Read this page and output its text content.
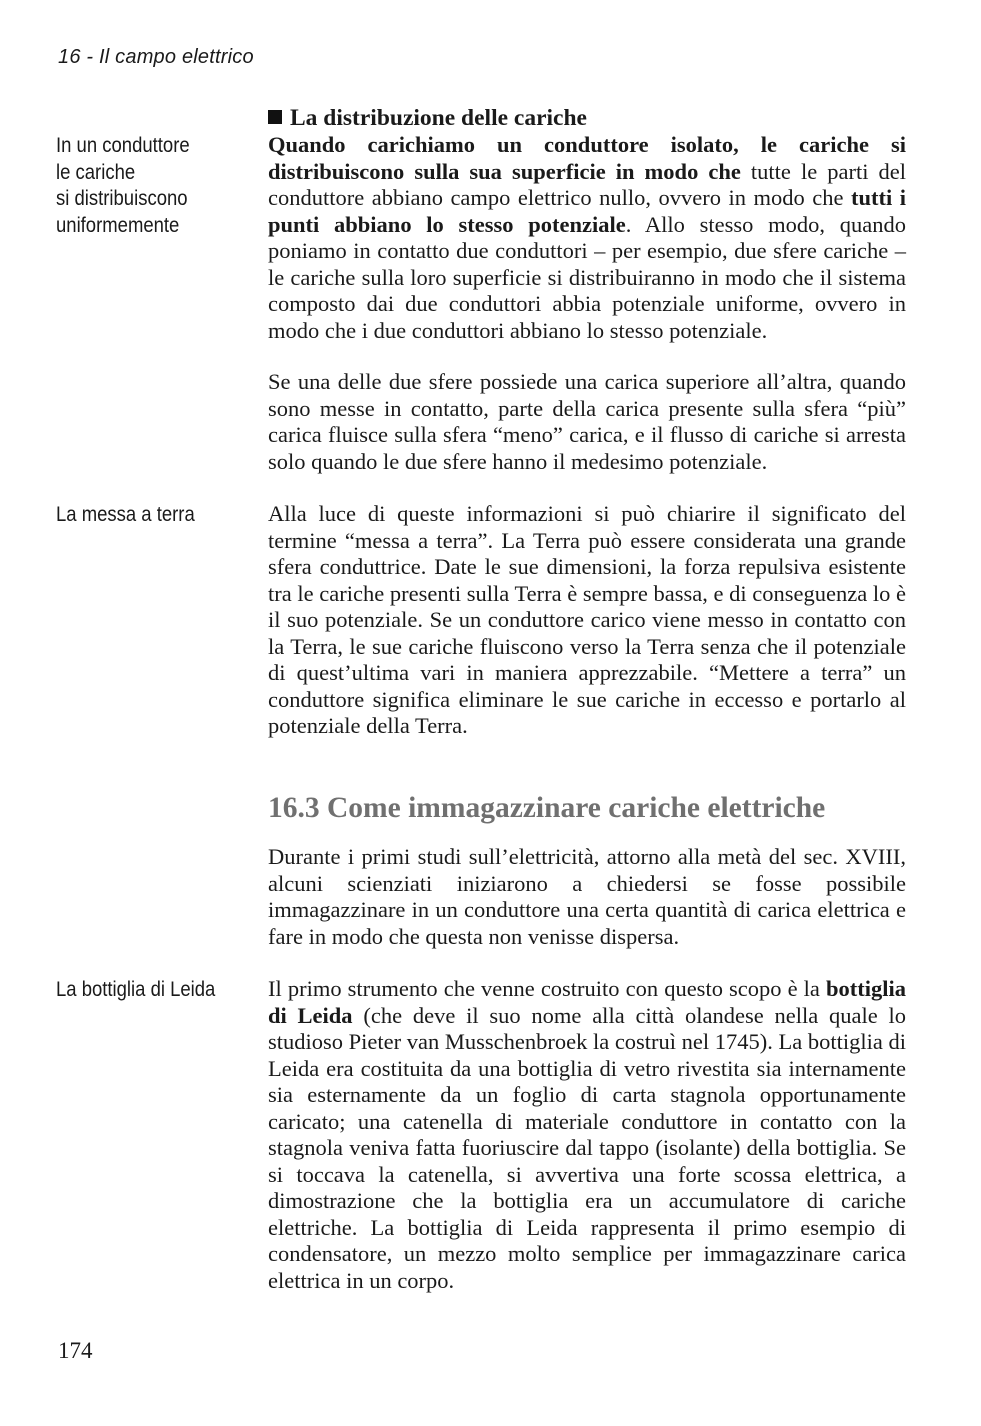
16 - Il campo elettrico
In un conduttore
le cariche
si distribuiscono
uniformemente
La messa a terra
La bottiglia di Leida
La distribuzione delle cariche

Quando carichiamo un conduttore isolato, le cariche si distribuiscono sulla sua superficie in modo che tutte le parti del conduttore abbiano campo elettrico nullo, ovvero in modo che tutti i punti abbiano lo stesso potenziale. Allo stesso modo, quando poniamo in contatto due conduttori – per esempio, due sfere cariche – le cariche sulla loro superficie si distribuiranno in modo che il sistema composto dai due conduttori abbia potenziale uniforme, ovvero in modo che i due conduttori abbiano lo stesso potenziale.

Se una delle due sfere possiede una carica superiore all’altra, quando sono messe in contatto, parte della carica presente sulla sfera “più” carica fluisce sulla sfera “meno” carica, e il flusso di cariche si arresta solo quando le due sfere hanno il medesimo potenziale.

Alla luce di queste informazioni si può chiarire il significato del termine “messa a terra”. La Terra può essere considerata una grande sfera conduttrice. Date le sue dimensioni, la forza repulsiva esistente tra le cariche presenti sulla Terra è sempre bassa, e di conseguenza lo è il suo potenziale. Se un conduttore carico viene messo in contatto con la Terra, le sue cariche fluiscono verso la Terra senza che il potenziale di quest’ultima vari in maniera apprezzabile. “Mettere a terra” un conduttore significa eliminare le sue cariche in eccesso e portarlo al potenziale della Terra.

16.3 Come immagazzinare cariche elettriche

Durante i primi studi sull’elettricità, attorno alla metà del sec. XVIII, alcuni scienziati iniziarono a chiedersi se fosse possibile immagazzinare in un conduttore una certa quantità di carica elettrica e fare in modo che questa non venisse dispersa.

Il primo strumento che venne costruito con questo scopo è la bottiglia di Leida (che deve il suo nome alla città olandese nella quale lo studioso Pieter van Musschenbroek la costruì nel 1745). La bottiglia di Leida era costituita da una bottiglia di vetro rivestita sia internamente sia esternamente da un foglio di carta stagnola opportunamente caricato; una catenella di materiale conduttore in contatto con la stagnola veniva fatta fuoriuscire dal tappo (isolante) della bottiglia. Se si toccava la catenella, si avvertiva una forte scossa elettrica, a dimostrazione che la bottiglia era un accumulatore di cariche elettriche. La bottiglia di Leida rappresenta il primo esempio di condensatore, un mezzo molto semplice per immagazzinare carica elettrica in un corpo.

174
